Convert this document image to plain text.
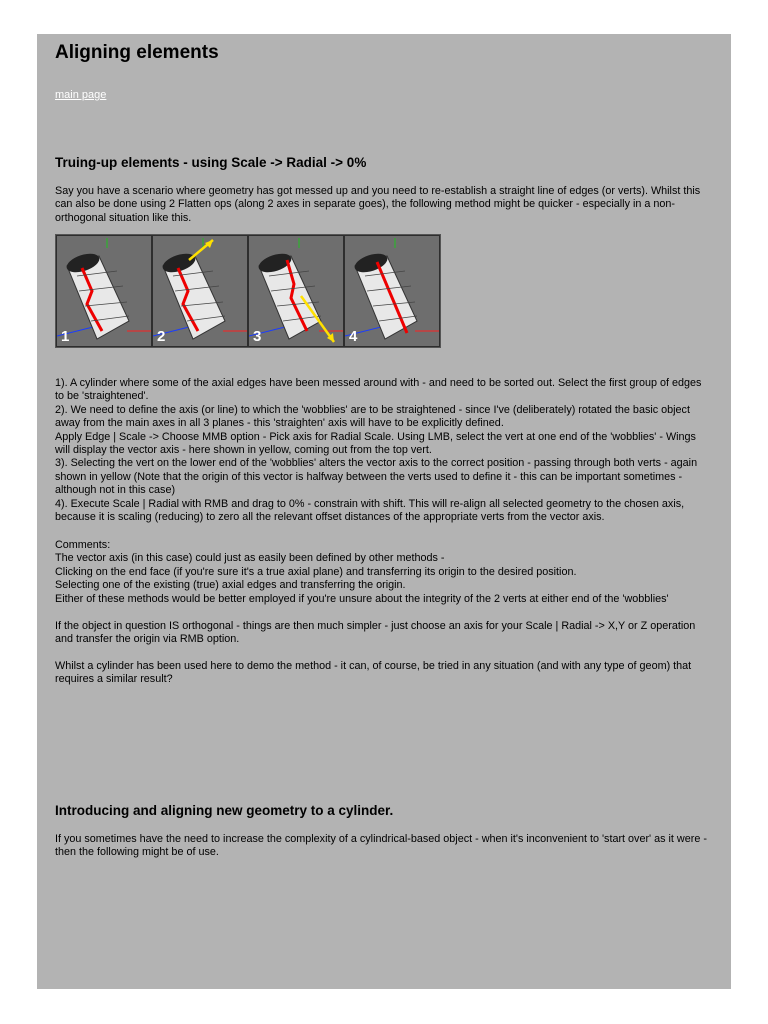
Aligning elements
main page
Truing-up elements - using Scale -> Radial -> 0%

Say you have a scenario where geometry has got messed up and you need to re-establish a straight line of edges (or verts). Whilst this can also be done using 2 Flatten ops (along 2 axes in separate goes), the following method might be quicker - especially in a non-orthogonal situation like this.

1	2	3	4
1). A cylinder where some of the axial edges have been messed around with - and need to be sorted out. Select the first group of edges to be 'straightened'.
2). We need to define the axis (or line) to which the 'wobblies' are to be straightened - since I've (deliberately) rotated the basic object away from the main axes in all 3 planes - this 'straighten' axis will have to be explicitly defined.
Apply Edge | Scale -> Choose MMB option - Pick axis for Radial Scale. Using LMB, select the vert at one end of the 'wobblies' - Wings will display the vector axis - here shown in yellow, coming out from the top vert.
3). Selecting the vert on the lower end of the 'wobblies' alters the vector axis to the correct position - passing through both verts - again shown in yellow (Note that the origin of this vector is halfway between the verts used to define it - this can be important sometimes - although not in this case)
4). Execute Scale | Radial with RMB and drag to 0% - constrain with shift. This will re-align all selected geometry to the chosen axis, because it is scaling (reducing) to zero all the relevant offset distances of the appropriate verts from the vector axis.
Comments:
The vector axis (in this case) could just as easily been defined by other methods -
Clicking on the end face (if you're sure it's a true axial plane) and transferring its origin to the desired position.
Selecting one of the existing (true) axial edges and transferring the origin.
Either of these methods would be better employed if you're unsure about the integrity of the 2 verts at either end of the 'wobblies'

If the object in question IS orthogonal - things are then much simpler - just choose an axis for your Scale | Radial -> X,Y or Z operation and transfer the origin via RMB option.

Whilst a cylinder has been used here to demo the method - it can, of course, be tried in any situation (and with any type of geom) that requires a similar result?

Introducing and aligning new geometry to a cylinder.

If you sometimes have the need to increase the complexity of a cylindrical-based object - when it's inconvenient to 'start over' as it were - then the following might be of use.
